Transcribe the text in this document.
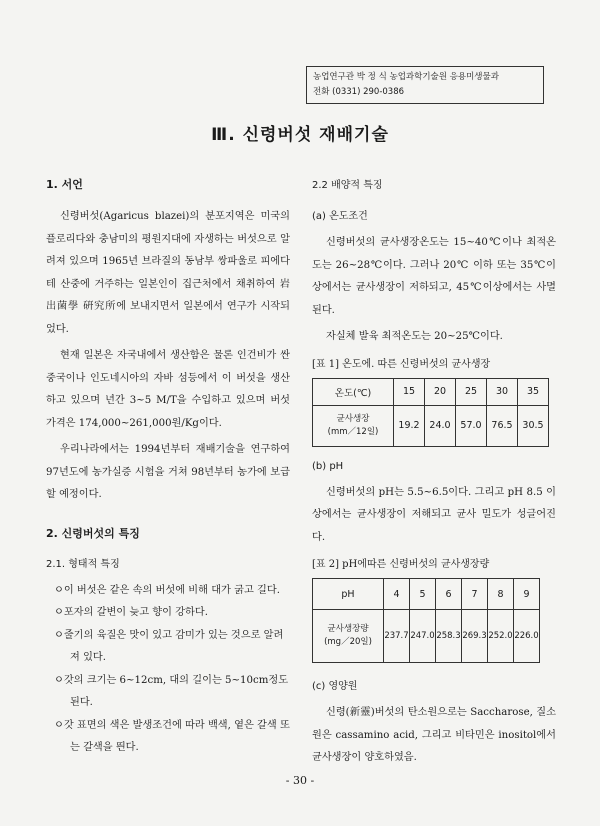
농업연구관 박 정 식 농업과학기술원 응용미생물과
전화 (0331) 290-0386
Ⅲ. 신령버섯 재배기술
1. 서언

신령버섯(Agaricus blazei)의 분포지역은 미국의 플로리다와 충남미의 평원지대에 자생하는 버섯으로 알려져 있으며 1965년 브라질의 동남부 쌍파울로 피에다테 산중에 거주하는 일본인이 집근처에서 채취하여 岩出菌學 硏究所에 보내지면서 일본에서 연구가 시작되었다.

현재 일본은 자국내에서 생산함은 물론 인건비가 싼 중국이나 인도네시아의 자바 섬등에서 이 버섯을 생산하고 있으며 년간 3~5 M/T을 수입하고 있으며 버섯 가격은 174,000~261,000원/Kg이다.

우리나라에서는 1994년부터 재배기술을 연구하여 97년도에 농가실증 시험을 거쳐 98년부터 농가에 보급할 예정이다.

2. 신령버섯의 특징
2.1. 형태적 특징
ㅇ이 버섯은 같은 속의 버섯에 비해 대가 굵고 길다.
ㅇ포자의 갈변이 늦고 향이 강하다.
ㅇ줄기의 육질은 맛이 있고 감미가 있는 것으로 알려져 있다.
ㅇ갓의 크기는 6~12cm, 대의 길이는 5~10cm정도 된다.
ㅇ갓 표면의 색은 발생조건에 따라 백색, 옅은 갈색 또는 갈색을 띈다.
2.2 배양적 특징
(a) 온도조건

신령버섯의 균사생장온도는 15~40℃이나 최적온도는 26~28℃이다. 그러나 20℃ 이하 또는 35℃이상에서는 균사생장이 저하되고, 45℃이상에서는 사멸된다.

자실체 발육 최적온도는 20~25℃이다.

[표 1] 온도에. 따른 신령버섯의 균사생장
온도(℃)	15	20	25	30	35

균사생장
(mm／12일)	19.2	24.0	57.0	76.5	30.5
(b) pH

신령버섯의 pH는 5.5~6.5이다. 그리고 pH 8.5 이상에서는 균사생장이 저해되고 균사 밀도가 성글어진다.

[표 2] pH에따른 신령버섯의 균사생장량
pH	4	5	6	7	8	9

균사생장량
(mg／20일)	237.7	247.0	258.3	269.3	252.0	226.0
(c) 영양원

신령(新靈)버섯의 탄소원으로는 Saccharose, 질소원은 cassamino acid, 그리고 비타민은 inositol에서 균사생장이 양호하였음.

- 30 -
